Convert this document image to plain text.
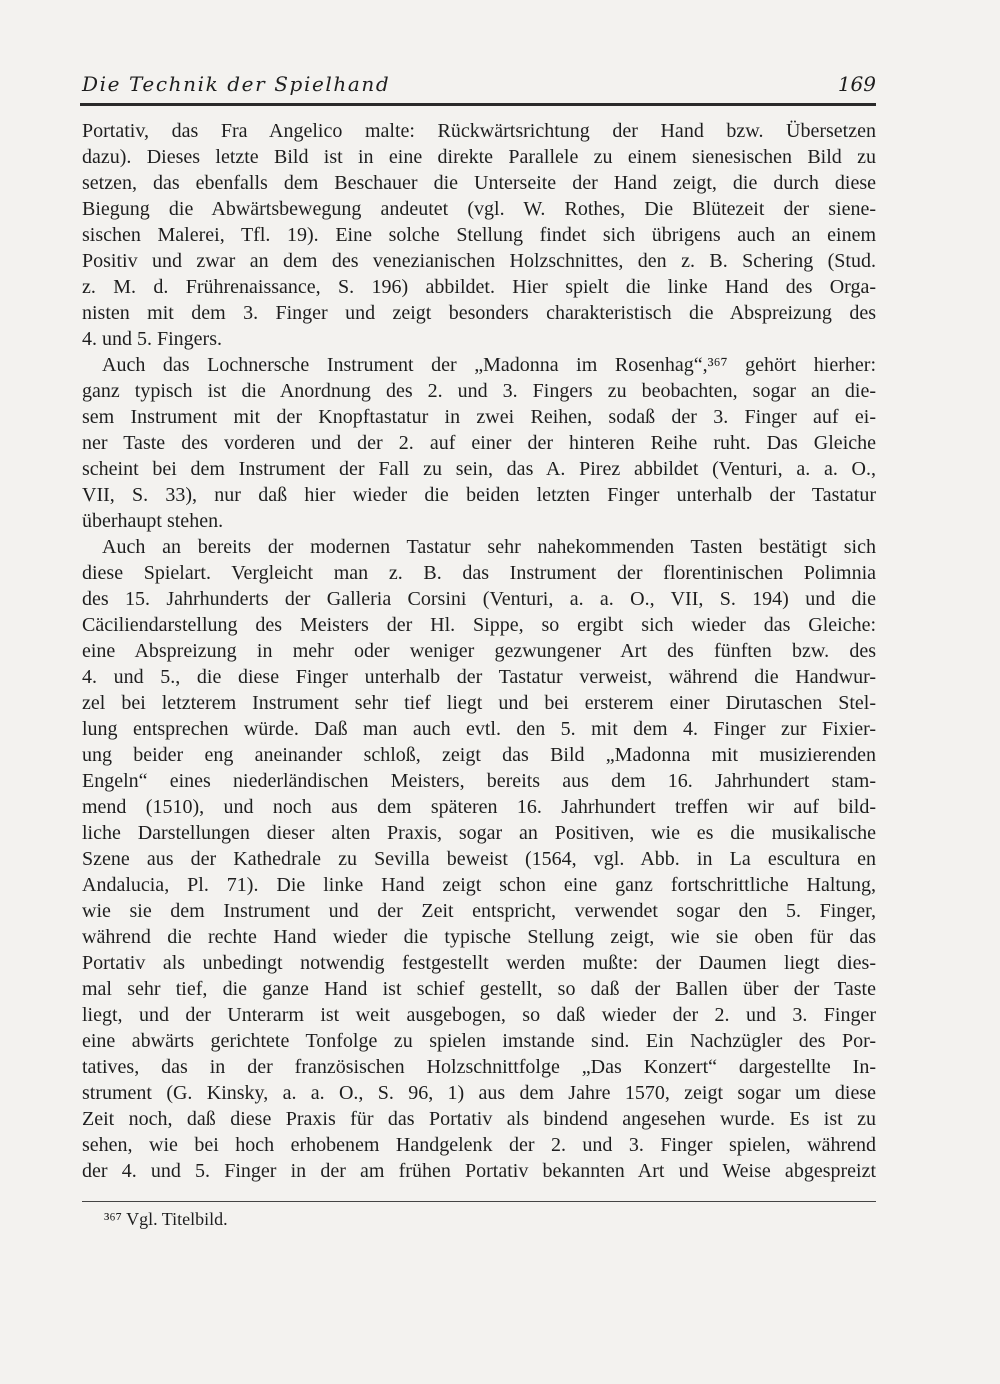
Die Technik der Spielhand	169
Portativ, das Fra Angelico malte: Rückwärtsrichtung der Hand bzw. Übersetzen
dazu). Dieses letzte Bild ist in eine direkte Parallele zu einem sienesischen Bild zu
setzen, das ebenfalls dem Beschauer die Unterseite der Hand zeigt, die durch diese
Biegung die Abwärtsbewegung andeutet (vgl. W. Rothes, Die Blütezeit der siene-
sischen Malerei, Tfl. 19). Eine solche Stellung findet sich übrigens auch an einem
Positiv und zwar an dem des venezianischen Holzschnittes, den z. B. Schering (Stud.
z. M. d. Frührenaissance, S. 196) abbildet. Hier spielt die linke Hand des Orga-
nisten mit dem 3. Finger und zeigt besonders charakteristisch die Abspreizung des
4. und 5. Fingers.
Auch das Lochnersche Instrument der „Madonna im Rosenhag“,³⁶⁷ gehört hierher:
ganz typisch ist die Anordnung des 2. und 3. Fingers zu beobachten, sogar an die-
sem Instrument mit der Knopftastatur in zwei Reihen, sodaß der 3. Finger auf ei-
ner Taste des vorderen und der 2. auf einer der hinteren Reihe ruht. Das Gleiche
scheint bei dem Instrument der Fall zu sein, das A. Pirez abbildet (Venturi, a. a. O.,
VII, S. 33), nur daß hier wieder die beiden letzten Finger unterhalb der Tastatur
überhaupt stehen.
Auch an bereits der modernen Tastatur sehr nahekommenden Tasten bestätigt sich
diese Spielart. Vergleicht man z. B. das Instrument der florentinischen Polimnia
des 15. Jahrhunderts der Galleria Corsini (Venturi, a. a. O., VII, S. 194) und die
Cäciliendarstellung des Meisters der Hl. Sippe, so ergibt sich wieder das Gleiche:
eine Abspreizung in mehr oder weniger gezwungener Art des fünften bzw. des
4. und 5., die diese Finger unterhalb der Tastatur verweist, während die Handwur-
zel bei letzterem Instrument sehr tief liegt und bei ersterem einer Dirutaschen Stel-
lung entsprechen würde. Daß man auch evtl. den 5. mit dem 4. Finger zur Fixier-
ung beider eng aneinander schloß, zeigt das Bild „Madonna mit musizierenden
Engeln“ eines niederländischen Meisters, bereits aus dem 16. Jahrhundert stam-
mend (1510), und noch aus dem späteren 16. Jahrhundert treffen wir auf bild-
liche Darstellungen dieser alten Praxis, sogar an Positiven, wie es die musikalische
Szene aus der Kathedrale zu Sevilla beweist (1564, vgl. Abb. in La escultura en
Andalucia, Pl. 71). Die linke Hand zeigt schon eine ganz fortschrittliche Haltung,
wie sie dem Instrument und der Zeit entspricht, verwendet sogar den 5. Finger,
während die rechte Hand wieder die typische Stellung zeigt, wie sie oben für das
Portativ als unbedingt notwendig festgestellt werden mußte: der Daumen liegt dies-
mal sehr tief, die ganze Hand ist schief gestellt, so daß der Ballen über der Taste
liegt, und der Unterarm ist weit ausgebogen, so daß wieder der 2. und 3. Finger
eine abwärts gerichtete Tonfolge zu spielen imstande sind. Ein Nachzügler des Por-
tatives, das in der französischen Holzschnittfolge „Das Konzert“ dargestellte In-
strument (G. Kinsky, a. a. O., S. 96, 1) aus dem Jahre 1570, zeigt sogar um diese
Zeit noch, daß diese Praxis für das Portativ als bindend angesehen wurde. Es ist zu
sehen, wie bei hoch erhobenem Handgelenk der 2. und 3. Finger spielen, während
der 4. und 5. Finger in der am frühen Portativ bekannten Art und Weise abgespreizt
³⁶⁷ Vgl. Titelbild.
